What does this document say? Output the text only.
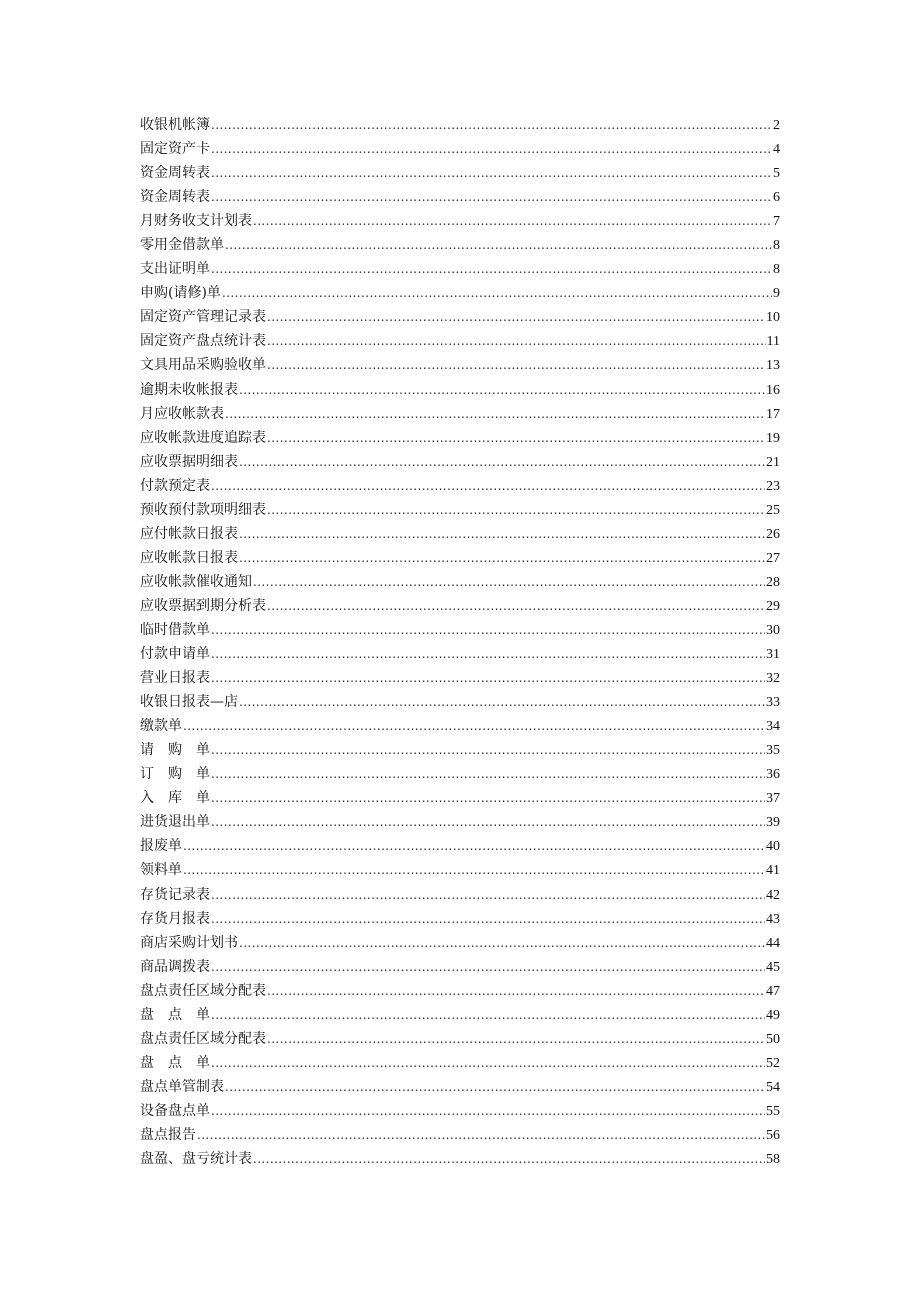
收银机帐簿 .....	2
固定资产卡 .....	4
资金周转表 .....	5
资金周转表 .....	6
月财务收支计划表 .....	7
零用金借款单 .....	8
支出证明单 .....	8
申购(请修)单 .....	9
固定资产管理记录表 .....	10
固定资产盘点统计表 .....	11
文具用品采购验收单 .....	13
逾期未收帐报表 .....	16
月应收帐款表 .....	17
应收帐款进度追踪表 .....	19
应收票据明细表 .....	21
付款预定表 .....	23
预收预付款项明细表 .....	25
应付帐款日报表 .....	26
应收帐款日报表 .....	27
应收帐款催收通知 .....	28
应收票据到期分析表 .....	29
临时借款单 .....	30
付款申请单 .....	31
营业日报表 .....	32
收银日报表—店 .....	33
缴款单 .....	34
请　购　单 .....	35
订　购　单 .....	36
入　库　单 .....	37
进货退出单 .....	39
报废单 .....	40
领料单 .....	41
存货记录表 .....	42
存货月报表 .....	43
商店采购计划书 .....	44
商品调拨表 .....	45
盘点责任区域分配表 .....	47
盘　点　单 .....	49
盘点责任区域分配表 .....	50
盘　点　单 .....	52
盘点单管制表 .....	54
设备盘点单 .....	55
盘点报告 .....	56
盘盈、盘亏统计表 .....	58
